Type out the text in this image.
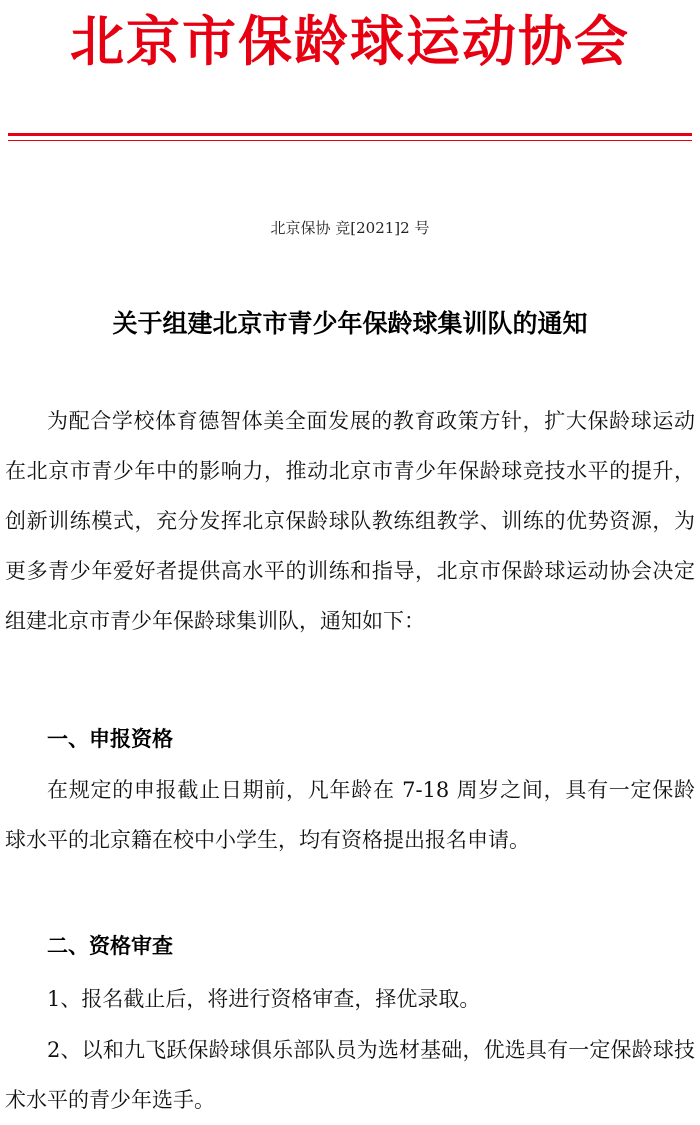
北京市保龄球运动协会
北京保协 竞[2021]2 号
关于组建北京市青少年保龄球集训队的通知

为配合学校体育德智体美全面发展的教育政策方针，扩大保龄球运动在北京市青少年中的影响力，推动北京市青少年保龄球竞技水平的提升，创新训练模式，充分发挥北京保龄球队教练组教学、训练的优势资源，为更多青少年爱好者提供高水平的训练和指导，北京市保龄球运动协会决定组建北京市青少年保龄球集训队，通知如下：

一、申报资格

在规定的申报截止日期前，凡年龄在 7-18 周岁之间，具有一定保龄球水平的北京籍在校中小学生，均有资格提出报名申请。

二、资格审查

1、报名截止后，将进行资格审查，择优录取。

2、以和九飞跃保龄球俱乐部队员为选材基础，优选具有一定保龄球技术水平的青少年选手。
